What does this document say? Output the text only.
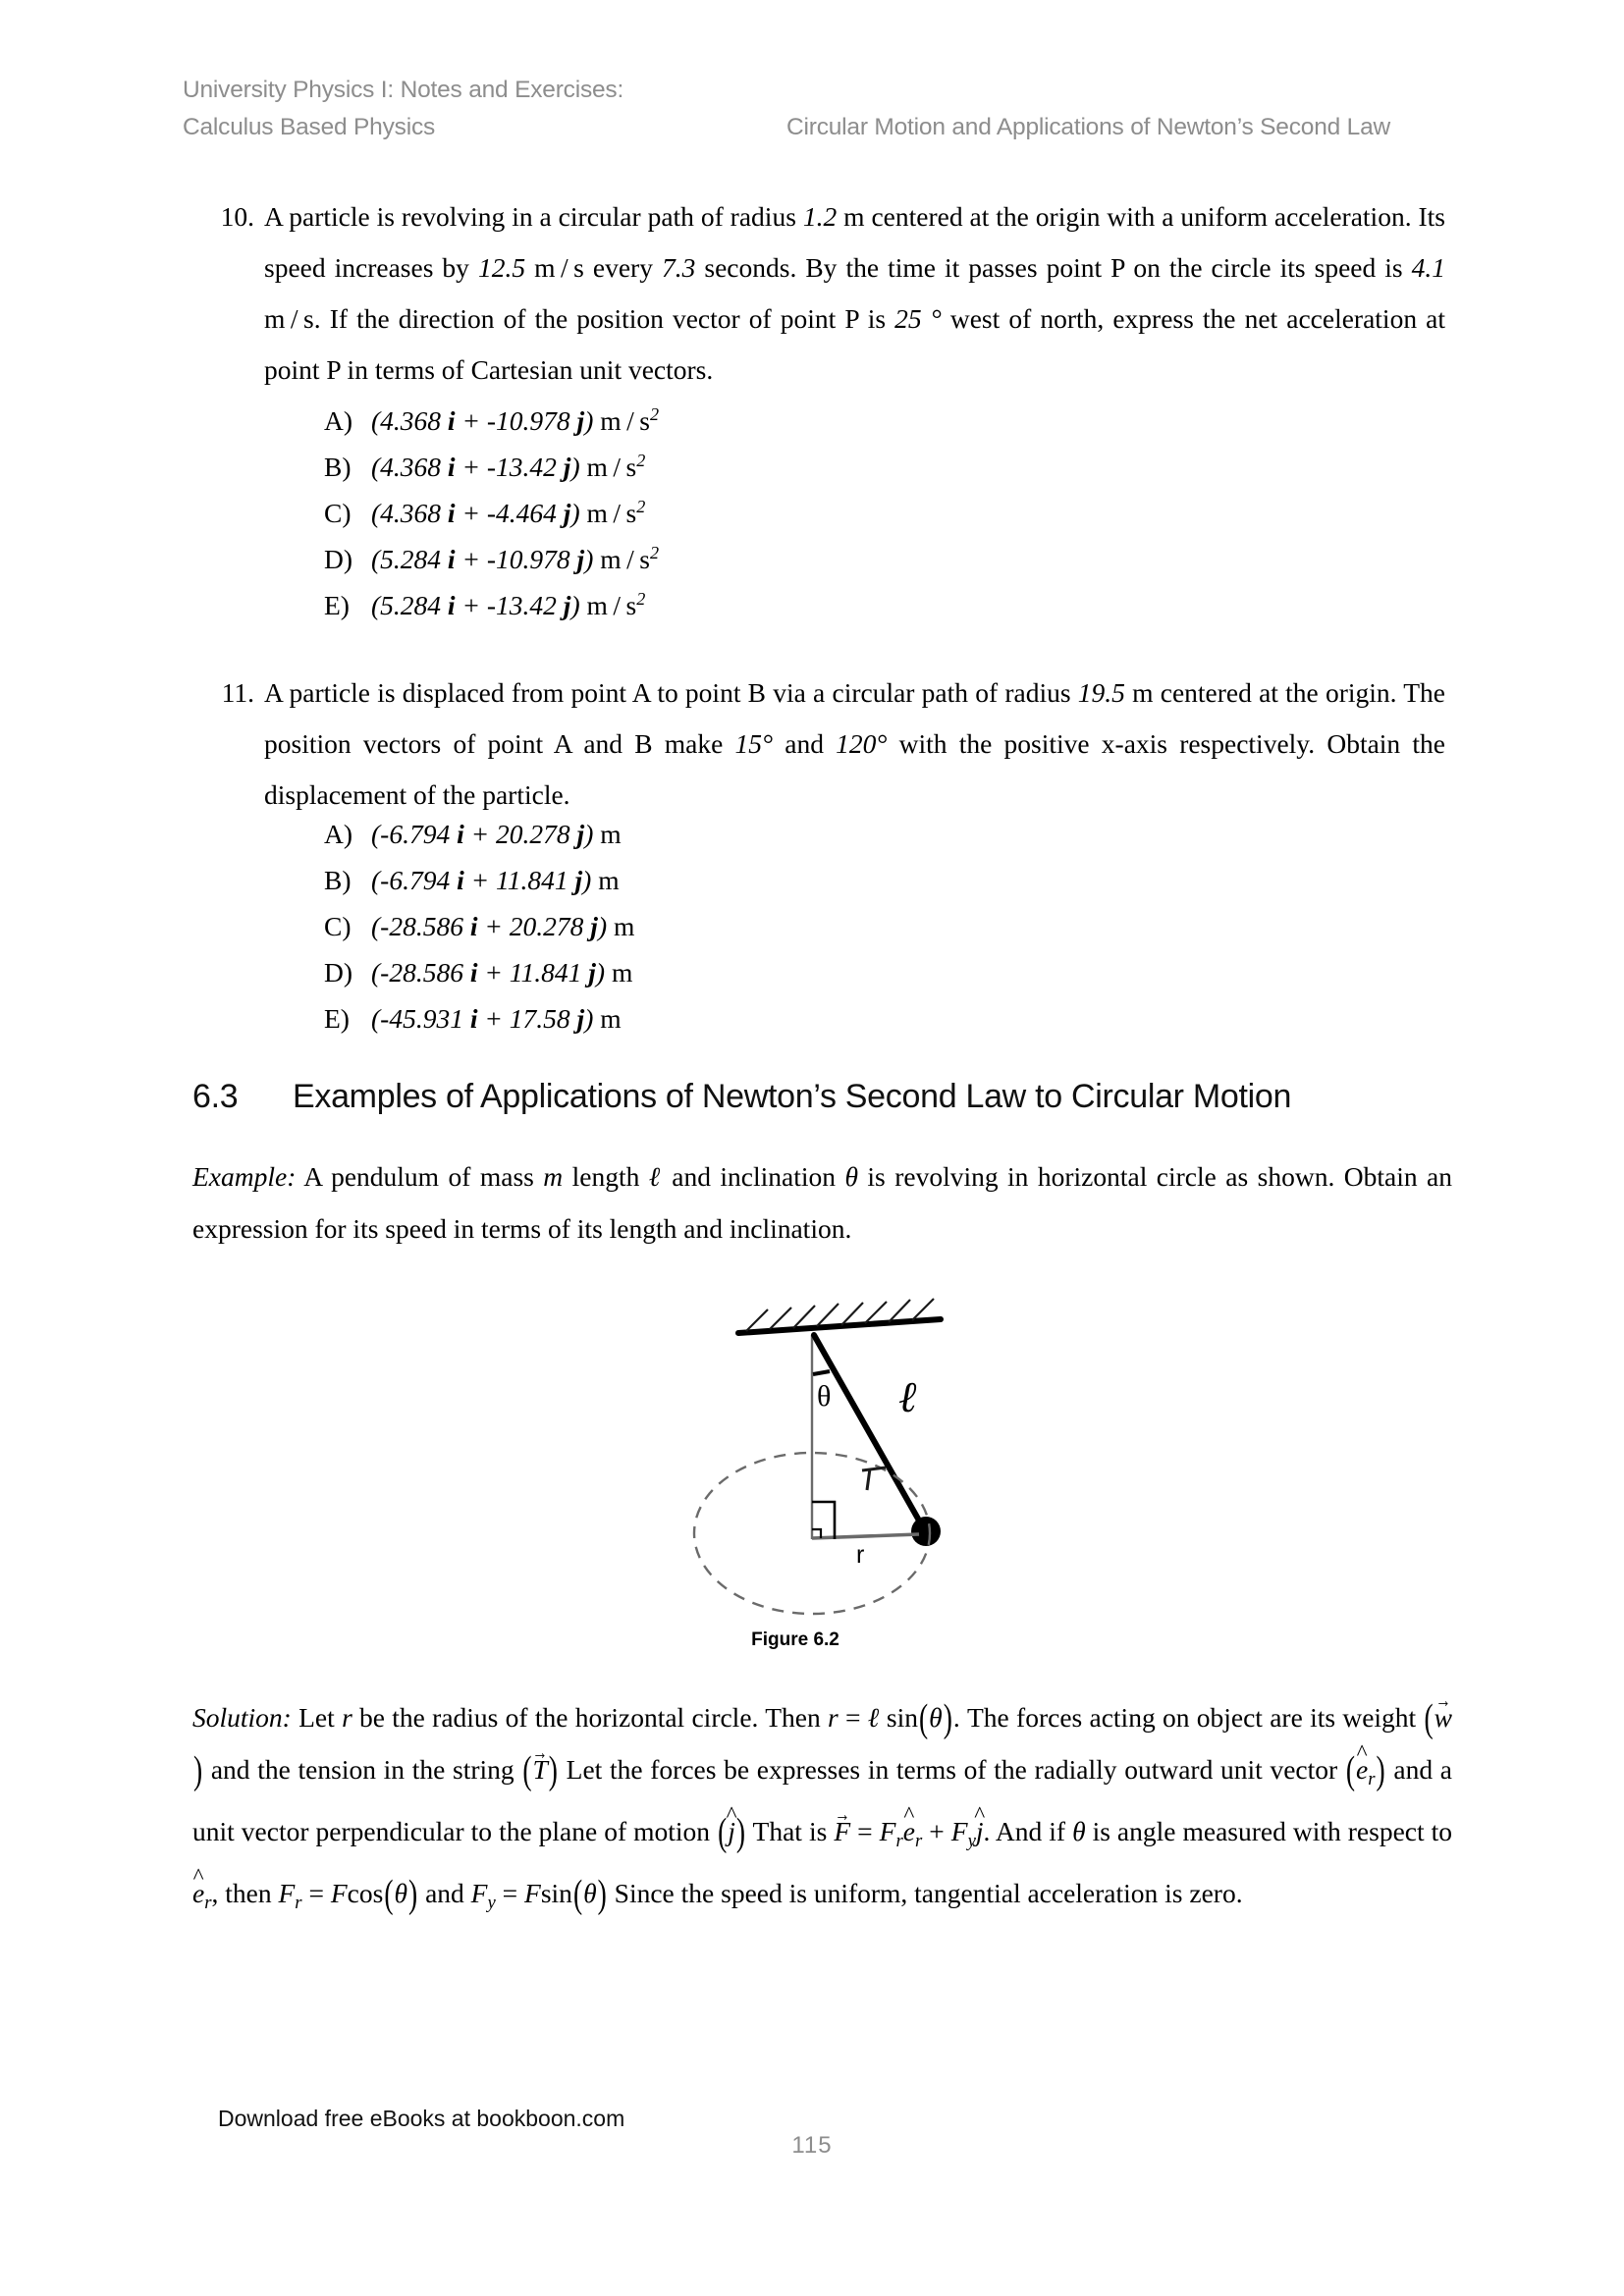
University Physics I: Notes and Exercises:
Calculus Based Physics	Circular Motion and Applications of Newton’s Second Law
10. A particle is revolving in a circular path of radius 1.2 m centered at the origin with a uniform acceleration. Its speed increases by 12.5 m / s every 7.3 seconds. By the time it passes point P on the circle its speed is 4.1 m / s. If the direction of the position vector of point P is 25 ° west of north, express the net acceleration at point P in terms of Cartesian unit vectors.
A) (4.368 i + -10.978 j) m / $s^2$
B) (4.368 i + -13.42 j) m / $s^2$
C) (4.368 i + -4.464 j) m / $s^2$
D) (5.284 i + -10.978 j) m / $s^2$
E) (5.284 i + -13.42 j) m / $s^2$
11. A particle is displaced from point A to point B via a circular path of radius 19.5 m centered at the origin. The position vectors of point A and B make 15° and 120° with the positive x-axis respectively. Obtain the displacement of the particle.
A) (-6.794 i + 20.278 j) m
B) (-6.794 i + 11.841 j) m
C) (-28.586 i + 20.278 j) m
D) (-28.586 i + 11.841 j) m
E) (-45.931 i + 17.58 j) m
6.3 Examples of Applications of Newton’s Second Law to Circular Motion
Example: A pendulum of mass m length ℓ and inclination θ is revolving in horizontal circle as shown. Obtain an expression for its speed in terms of its length and inclination.
θ ℓ
r
Figure 6.2
Solution: Let r be the radius of the horizontal circle. Then r = ℓ sin(θ). The forces acting on object are its weight (w →) and the tension in the string (T →) Let the forces be expresses in terms of the radially outward unit vector (e $\^{}_r$) and a unit vector perpendicular to the plane of motion (j ^) That is F → = $F_re$ $\^{}_r + F_yj$ ^. And if θ is angle measured with respect to e $\^{}_r$, then $F_r = Fcos(\theta)$ and $F_y = Fsin(\theta)$ Since the speed is uniform, tangential acceleration is zero.
Download free eBooks at bookboon.com
115
